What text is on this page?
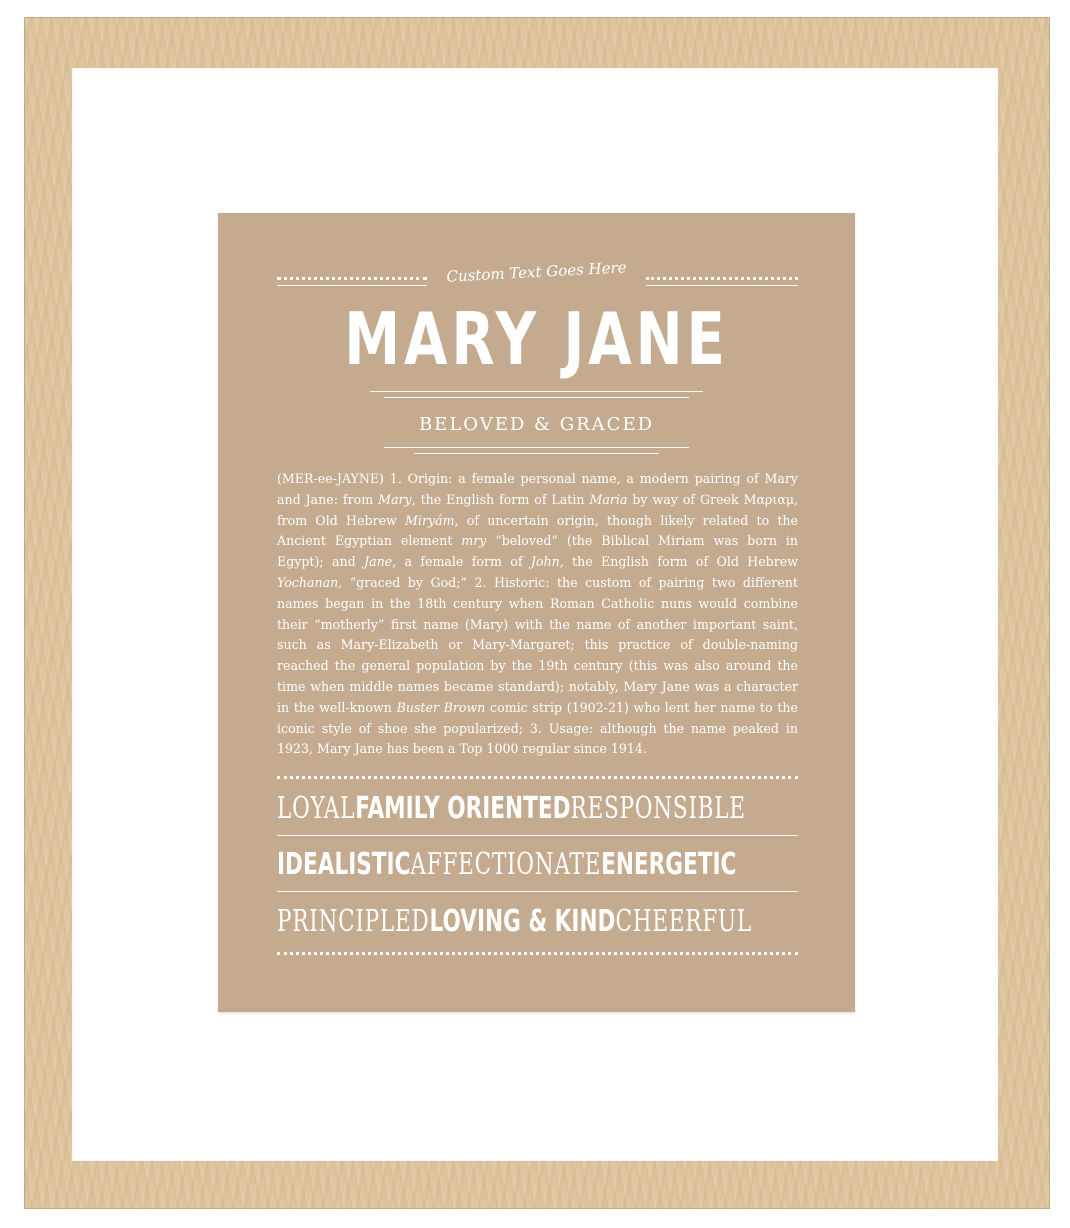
Custom Text Goes Here
MARY JANE
BELOVED & GRACED
(MER-ee-JAYNE) 1. Origin: a female personal name, a modern pairing of Mary and Jane: from Mary, the English form of Latin Maria by way of Greek Μαριαμ, from Old Hebrew Miryám, of uncertain origin, though likely related to the Ancient Egyptian element mry “beloved” (the Biblical Miriam was born in Egypt); and Jane, a female form of John, the English form of Old Hebrew Yochanan, “graced by God;” 2. Historic: the custom of pairing two different names began in the 18th century when Roman Catholic nuns would combine their “motherly” first name (Mary) with the name of another important saint, such as Mary-Elizabeth or Mary-Margaret; this practice of double-naming reached the general population by the 19th century (this was also around the time when middle names became standard); notably, Mary Jane was a character in the well-known Buster Brown comic strip (1902-21) who lent her name to the iconic style of shoe she popularized; 3. Usage: although the name peaked in 1923, Mary Jane has been a Top 1000 regular since 1914.
LOYAL FAMILY ORIENTED RESPONSIBLE
IDEALISTIC AFFECTIONATE ENERGETIC
PRINCIPLED LOVING & KIND CHEERFUL
